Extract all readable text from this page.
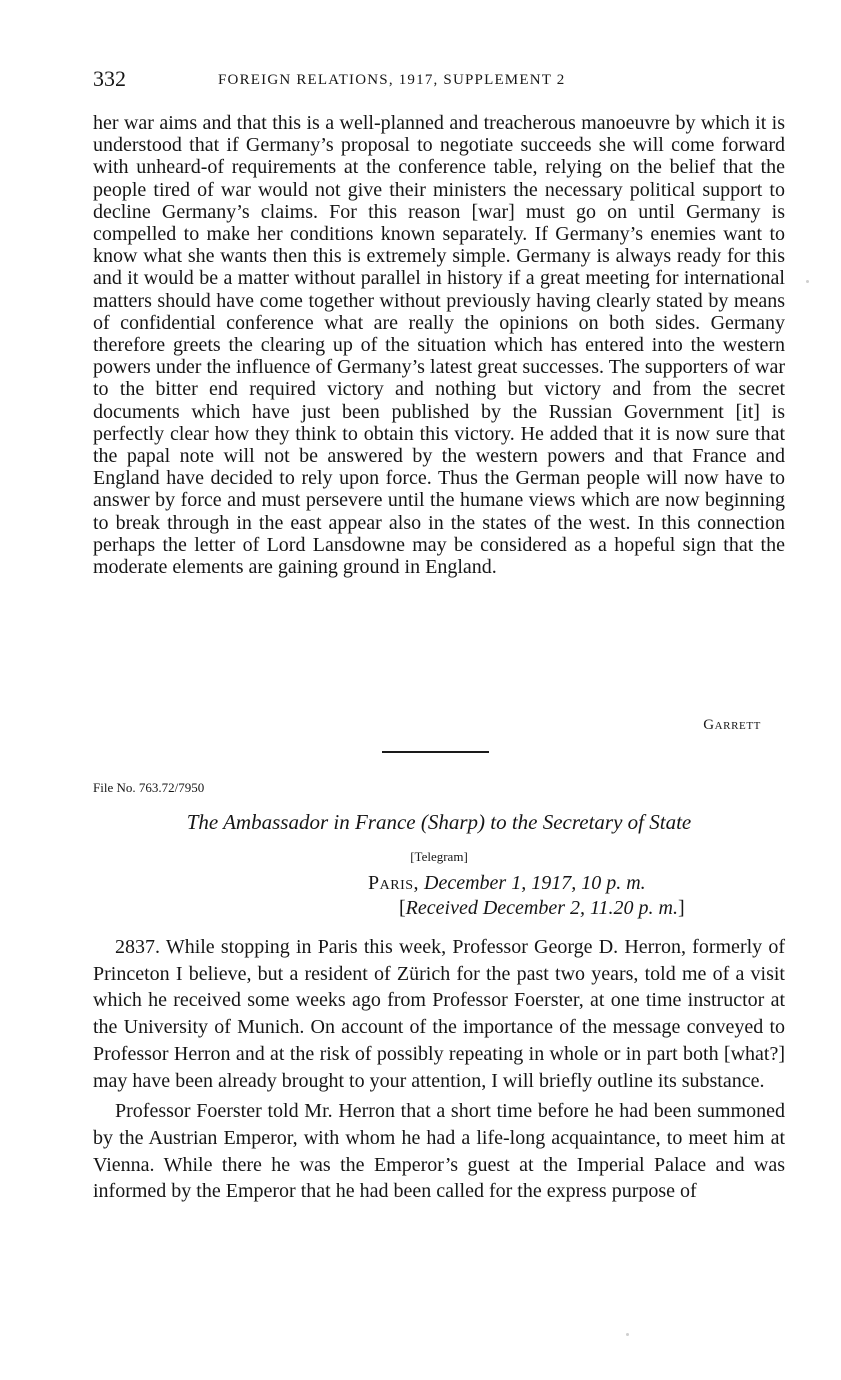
332	FOREIGN RELATIONS, 1917, SUPPLEMENT 2

her war aims and that this is a well-planned and treacherous manoeuvre by which it is understood that if Germany’s proposal to negotiate succeeds she will come forward with unheard-of requirements at the conference table, relying on the belief that the people tired of war would not give their ministers the necessary political support to decline Germany’s claims. For this reason [war] must go on until Germany is compelled to make her conditions known separately. If Germany’s enemies want to know what she wants then this is extremely simple. Germany is always ready for this and it would be a matter without parallel in history if a great meeting for international matters should have come together without previously having clearly stated by means of confidential conference what are really the opinions on both sides. Germany therefore greets the clearing up of the situation which has entered into the western powers under the influence of Germany’s latest great successes. The supporters of war to the bitter end required victory and nothing but victory and from the secret documents which have just been published by the Russian Government [it] is perfectly clear how they think to obtain this victory. He added that it is now sure that the papal note will not be answered by the western powers and that France and England have decided to rely upon force. Thus the German people will now have to answer by force and must persevere until the humane views which are now beginning to break through in the east appear also in the states of the west. In this connection perhaps the letter of Lord Lansdowne may be considered as a hopeful sign that the moderate elements are gaining ground in England.

Garrett
File No. 763.72/7950
The Ambassador in France (Sharp) to the Secretary of State
[Telegram]
Paris, December 1, 1917, 10 p. m.
[Received December 2, 11.20 p. m.]

2837. While stopping in Paris this week, Professor George D. Herron, formerly of Princeton I believe, but a resident of Zürich for the past two years, told me of a visit which he received some weeks ago from Professor Foerster, at one time instructor at the University of Munich. On account of the importance of the message conveyed to Professor Herron and at the risk of possibly repeating in whole or in part both [what?] may have been already brought to your attention, I will briefly outline its substance.

Professor Foerster told Mr. Herron that a short time before he had been summoned by the Austrian Emperor, with whom he had a life-long acquaintance, to meet him at Vienna. While there he was the Emperor’s guest at the Imperial Palace and was informed by the Emperor that he had been called for the express purpose of
